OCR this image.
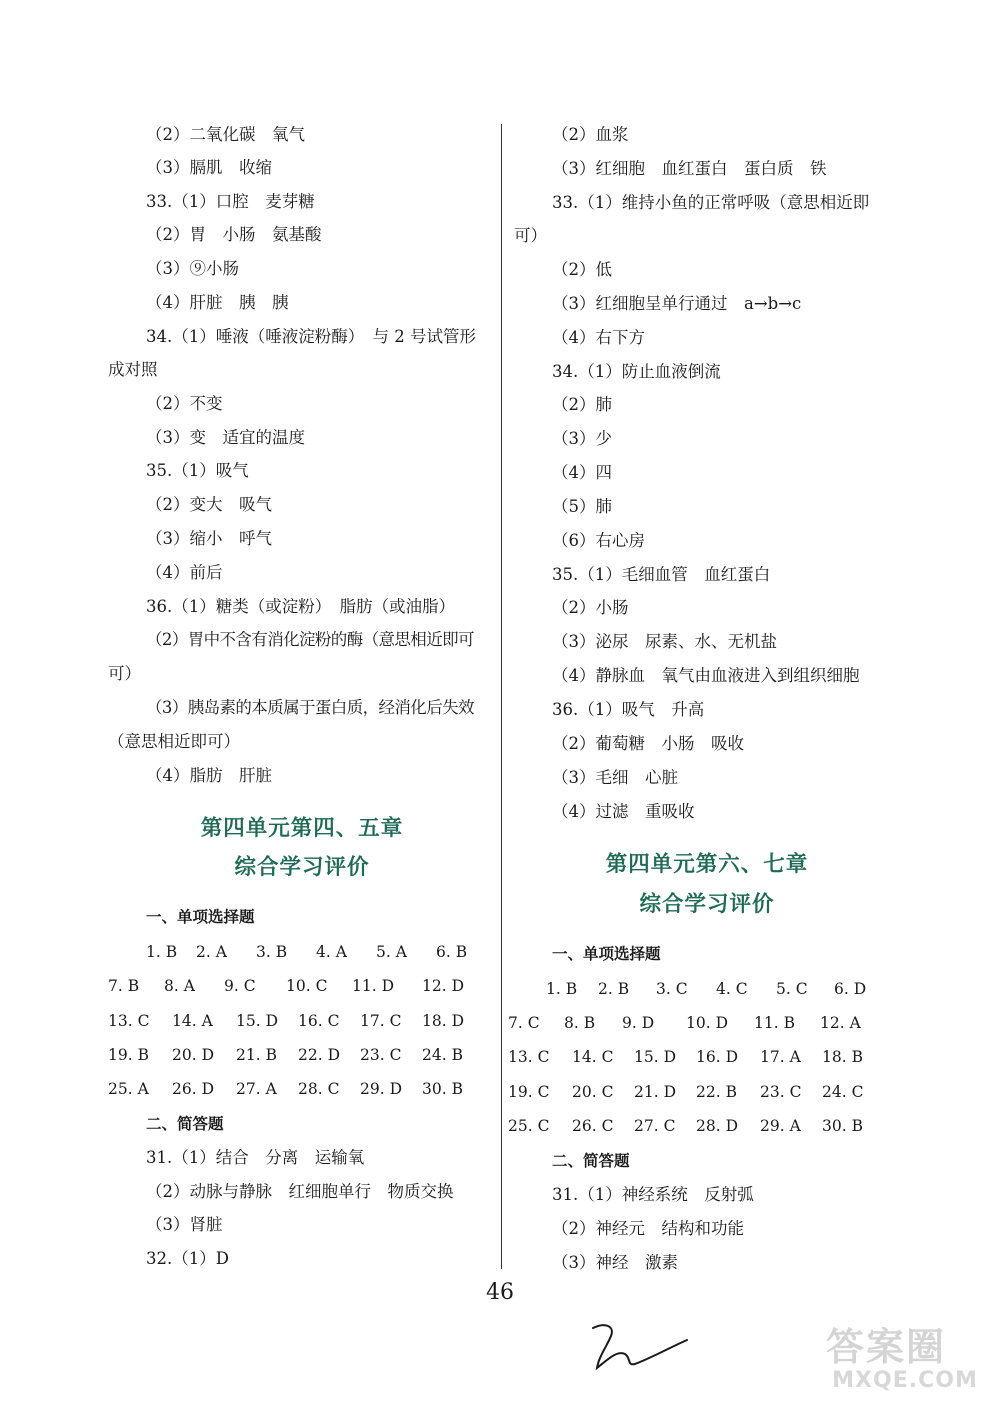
（2）二氧化碳　氧气
（3）膈肌　收缩
33.（1）口腔　麦芽糖
（2）胃　小肠　氨基酸
（3）⑨小肠
（4）肝脏　胰　胰
34.（1）唾液（唾液淀粉酶）　与 2 号试管形
成对照
（2）不变
（3）变　适宜的温度
35.（1）吸气
（2）变大　吸气
（3）缩小　呼气
（4）前后
36.（1）糖类（或淀粉）　脂肪（或油脂）
（2）胃中不含有消化淀粉的酶（意思相近即可
可）
（3）胰岛素的本质属于蛋白质，经消化后失效
（意思相近即可）
（4）脂肪　肝脏
第四单元第四、五章
综合学习评价
一、单项选择题
1. B 2. A 3. B 4. A 5. A 6. B
7. B 8. A 9. C 10. C 11. D 12. D
13. C 14. A 15. D 16. C 17. C 18. D
19. B 20. D 21. B 22. D 23. C 24. B
25. A 26. D 27. A 28. C 29. D 30. B
二、简答题
31.（1）结合　分离　运输氧
（2）动脉与静脉　红细胞单行　物质交换
（3）肾脏
32.（1）D
（2）血浆
（3）红细胞　血红蛋白　蛋白质　铁
33.（1）维持小鱼的正常呼吸（意思相近即
可）
（2）低
（3）红细胞呈单行通过　a→b→c
（4）右下方
34.（1）防止血液倒流
（2）肺
（3）少
（4）四
（5）肺
（6）右心房
35.（1）毛细血管　血红蛋白
（2）小肠
（3）泌尿　尿素、水、无机盐
（4）静脉血　氧气由血液进入到组织细胞
36.（1）吸气　升高
（2）葡萄糖　小肠　吸收
（3）毛细　心脏
（4）过滤　重吸收
第四单元第六、七章
综合学习评价
一、单项选择题
1. B 2. B 3. C 4. C 5. C 6. D
7. C 8. B 9. D 10. D 11. B 12. A
13. C 14. C 15. D 16. D 17. A 18. B
19. C 20. C 21. D 22. B 23. C 24. C
25. C 26. C 27. C 28. D 29. A 30. B
二、简答题
31.（1）神经系统　反射弧
（2）神经元　结构和功能
（3）神经　激素
46
答案圈
MXQE.COM
